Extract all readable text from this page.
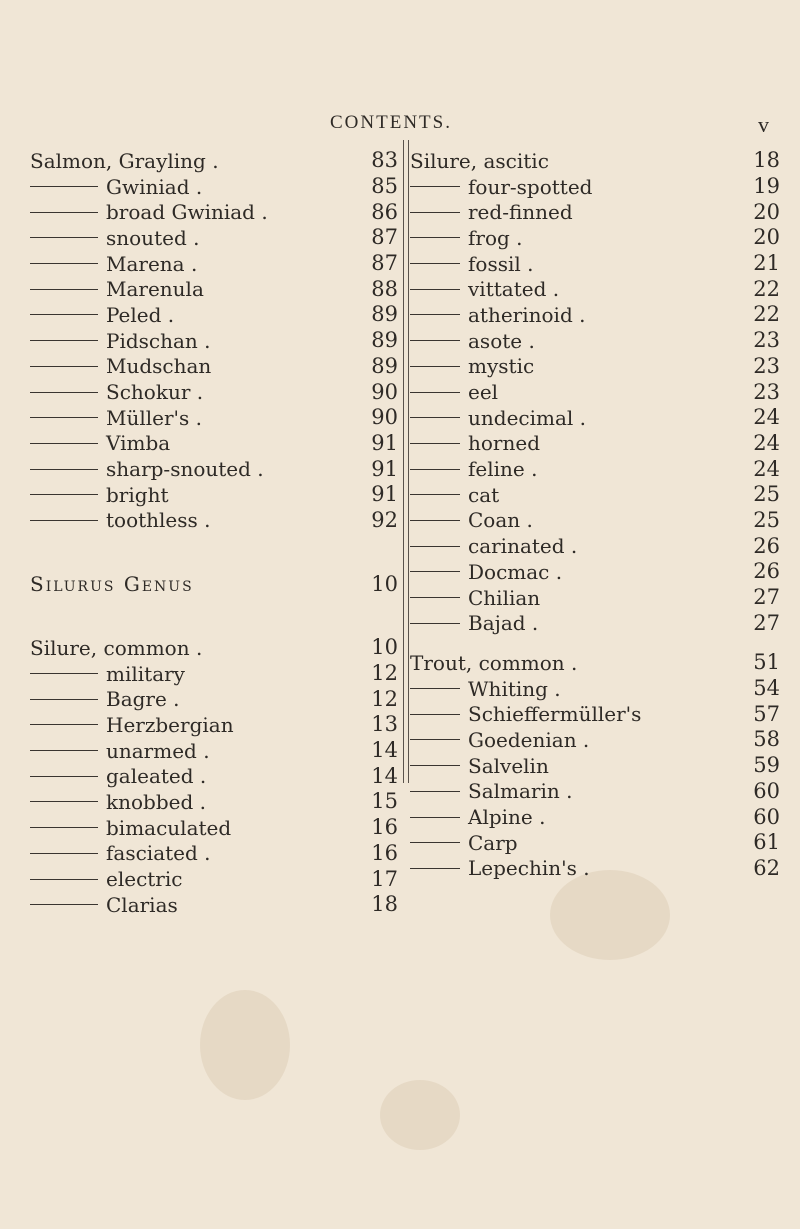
CONTENTS.	v
Salmon, Grayling .	83
Gwiniad .	85
broad Gwiniad .	86
snouted .	87
Marena .	87
Marenula	88
Peled .	89
Pidschan .	89
Mudschan	89
Schokur .	90
Müller's .	90
Vimba	91
sharp-snouted .	91
bright	91
toothless .	92
Silurus Genus	10
Silure, common .	10
military	12
Bagre .	12
Herzbergian	13
unarmed .	14
galeated .	14
knobbed .	15
bimaculated	16
fasciated .	16
electric	17
Clarias	18
Silure, ascitic	18
four-spotted	19
red-finned	20
frog .	20
fossil .	21
vittated .	22
atherinoid .	22
asote .	23
mystic	23
eel	23
undecimal .	24
horned	24
feline .	24
cat	25
Coan .	25
carinated .	26
Docmac .	26
Chilian	27
Bajad .	27
Trout, common .	51
Whiting .	54
Schieffermüller's	57
Goedenian .	58
Salvelin	59
Salmarin .	60
Alpine .	60
Carp	61
Lepechin's .	62
